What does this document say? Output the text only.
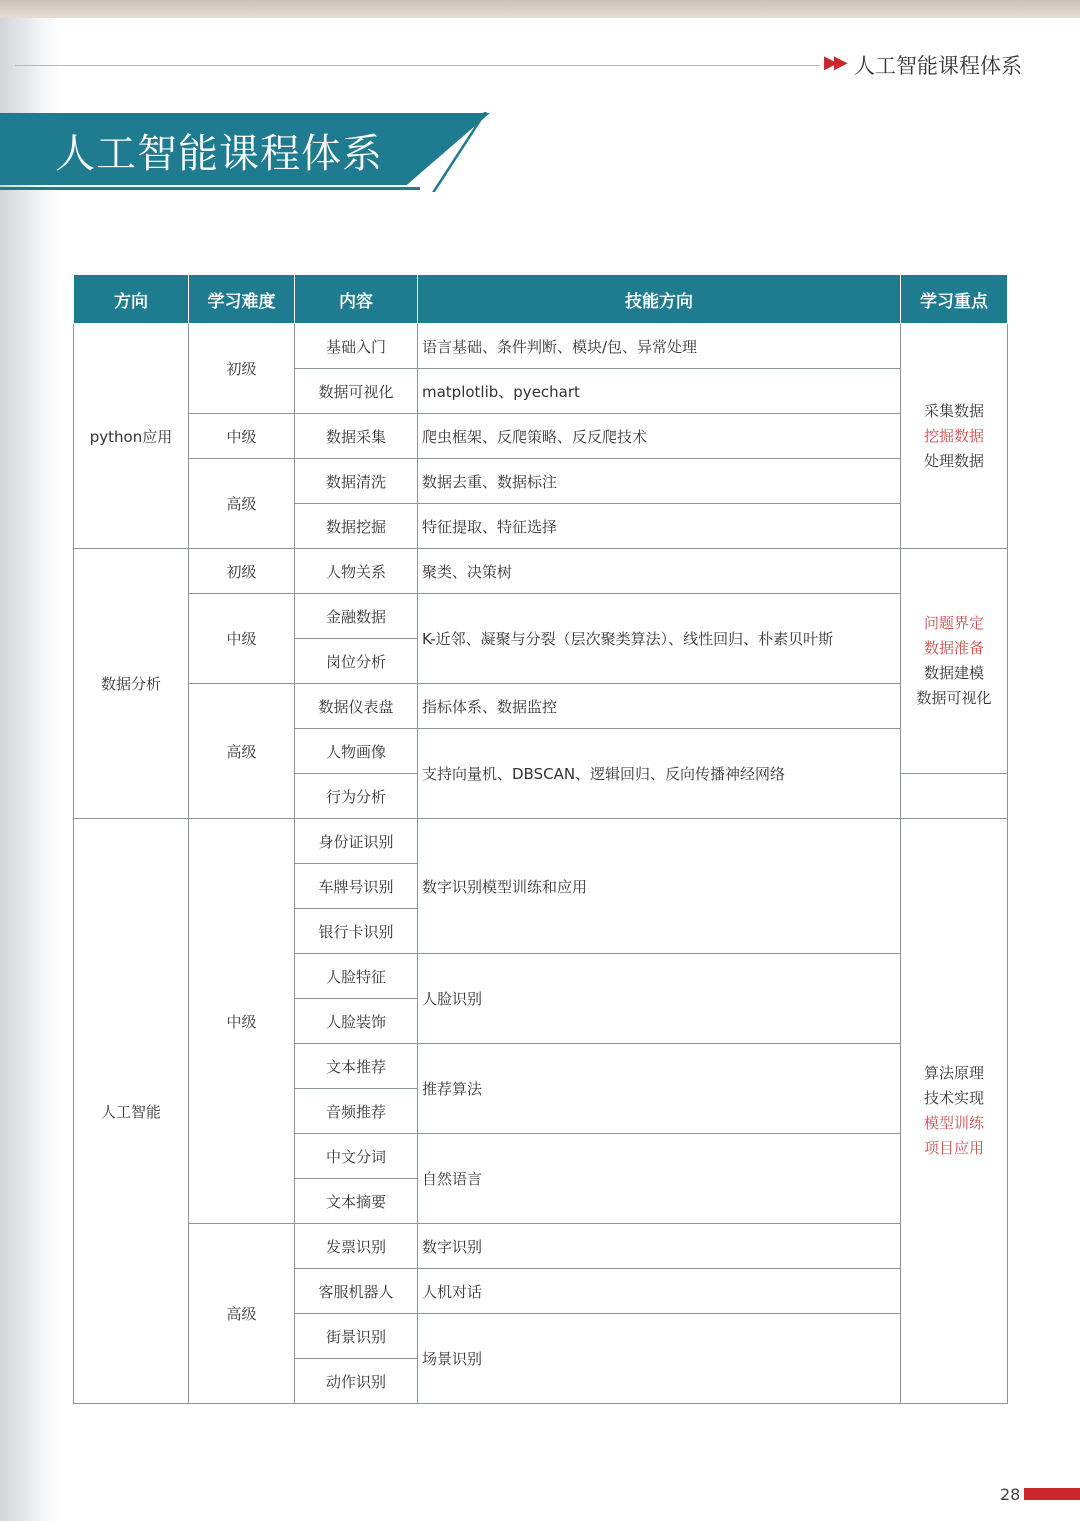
▶▶ 人工智能课程体系
人工智能课程体系
方向	学习难度	内容	技能方向	学习重点
python应用	初级	基础入门	语言基础、条件判断、模块/包、异常处理	采集数据
挖掘数据
处理数据

		数据可视化	matplotlib、pyechart	
	中级	数据采集	爬虫框架、反爬策略、反反爬技术	
	高级	数据清洗	数据去重、数据标注	
		数据挖掘	特征提取、特征选择	
数据分析	初级	人物关系	聚类、决策树	问题界定
数据准备
数据建模
数据可视化

	中级	金融数据	K-近邻、凝聚与分裂（层次聚类算法）、线性回归、朴素贝叶斯	
		岗位分析		
	高级	数据仪表盘	指标体系、数据监控	
		人物画像	支持向量机、DBSCAN、逻辑回归、反向传播神经网络	
		行为分析		
人工智能	中级	身份证识别	数字识别模型训练和应用	算法原理
技术实现
模型训练
项目应用

		车牌号识别		
		银行卡识别		
		人脸特征	人脸识别	
		人脸装饰		
		文本推荐	推荐算法	
		音频推荐		
		中文分词	自然语言	
		文本摘要		
	高级	发票识别	数字识别	
		客服机器人	人机对话	
		街景识别	场景识别	
		动作识别		
28
